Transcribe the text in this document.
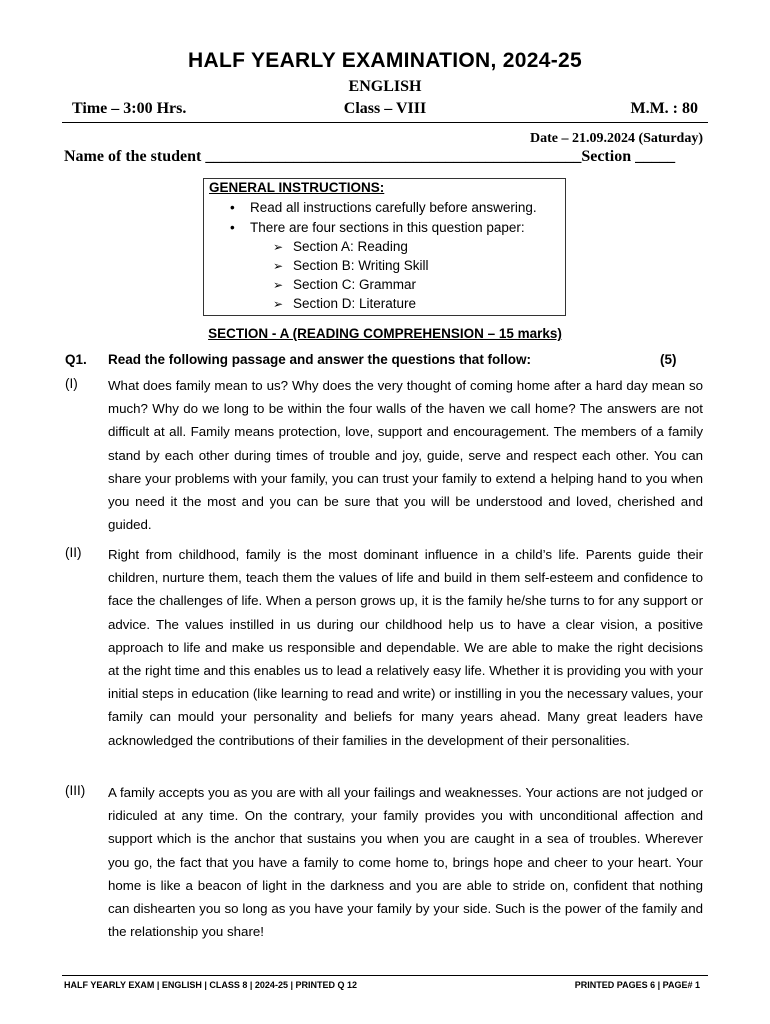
HALF YEARLY EXAMINATION, 2024-25
ENGLISH
Time – 3:00 Hrs.	Class – VIII	M.M. : 80
Date – 21.09.2024 (Saturday)
Name of the student _______________________________________________Section _____
GENERAL INSTRUCTIONS:
• Read all instructions carefully before answering.
• There are four sections in this question paper:
➢ Section A: Reading
➢ Section B: Writing Skill
➢ Section C: Grammar
➢ Section D: Literature
SECTION - A (READING COMPREHENSION – 15 marks)
Q1. Read the following passage and answer the questions that follow:	(5)
(I) What does family mean to us? Why does the very thought of coming home after a hard day mean so much? Why do we long to be within the four walls of the haven we call home? The answers are not difficult at all. Family means protection, love, support and encouragement. The members of a family stand by each other during times of trouble and joy, guide, serve and respect each other. You can share your problems with your family, you can trust your family to extend a helping hand to you when you need it the most and you can be sure that you will be understood and loved, cherished and guided.
(II) Right from childhood, family is the most dominant influence in a child’s life. Parents guide their children, nurture them, teach them the values of life and build in them self-esteem and confidence to face the challenges of life. When a person grows up, it is the family he/she turns to for any support or advice. The values instilled in us during our childhood help us to have a clear vision, a positive approach to life and make us responsible and dependable. We are able to make the right decisions at the right time and this enables us to lead a relatively easy life. Whether it is providing you with your initial steps in education (like learning to read and write) or instilling in you the necessary values, your family can mould your personality and beliefs for many years ahead. Many great leaders have acknowledged the contributions of their families in the development of their personalities.
(III) A family accepts you as you are with all your failings and weaknesses. Your actions are not judged or ridiculed at any time. On the contrary, your family provides you with unconditional affection and support which is the anchor that sustains you when you are caught in a sea of troubles. Wherever you go, the fact that you have a family to come home to, brings hope and cheer to your heart. Your home is like a beacon of light in the darkness and you are able to stride on, confident that nothing can dishearten you so long as you have your family by your side. Such is the power of the family and the relationship you share!
HALF YEARLY EXAM | ENGLISH | CLASS 8 | 2024-25 | PRINTED Q 12	PRINTED PAGES 6 | PAGE# 1
